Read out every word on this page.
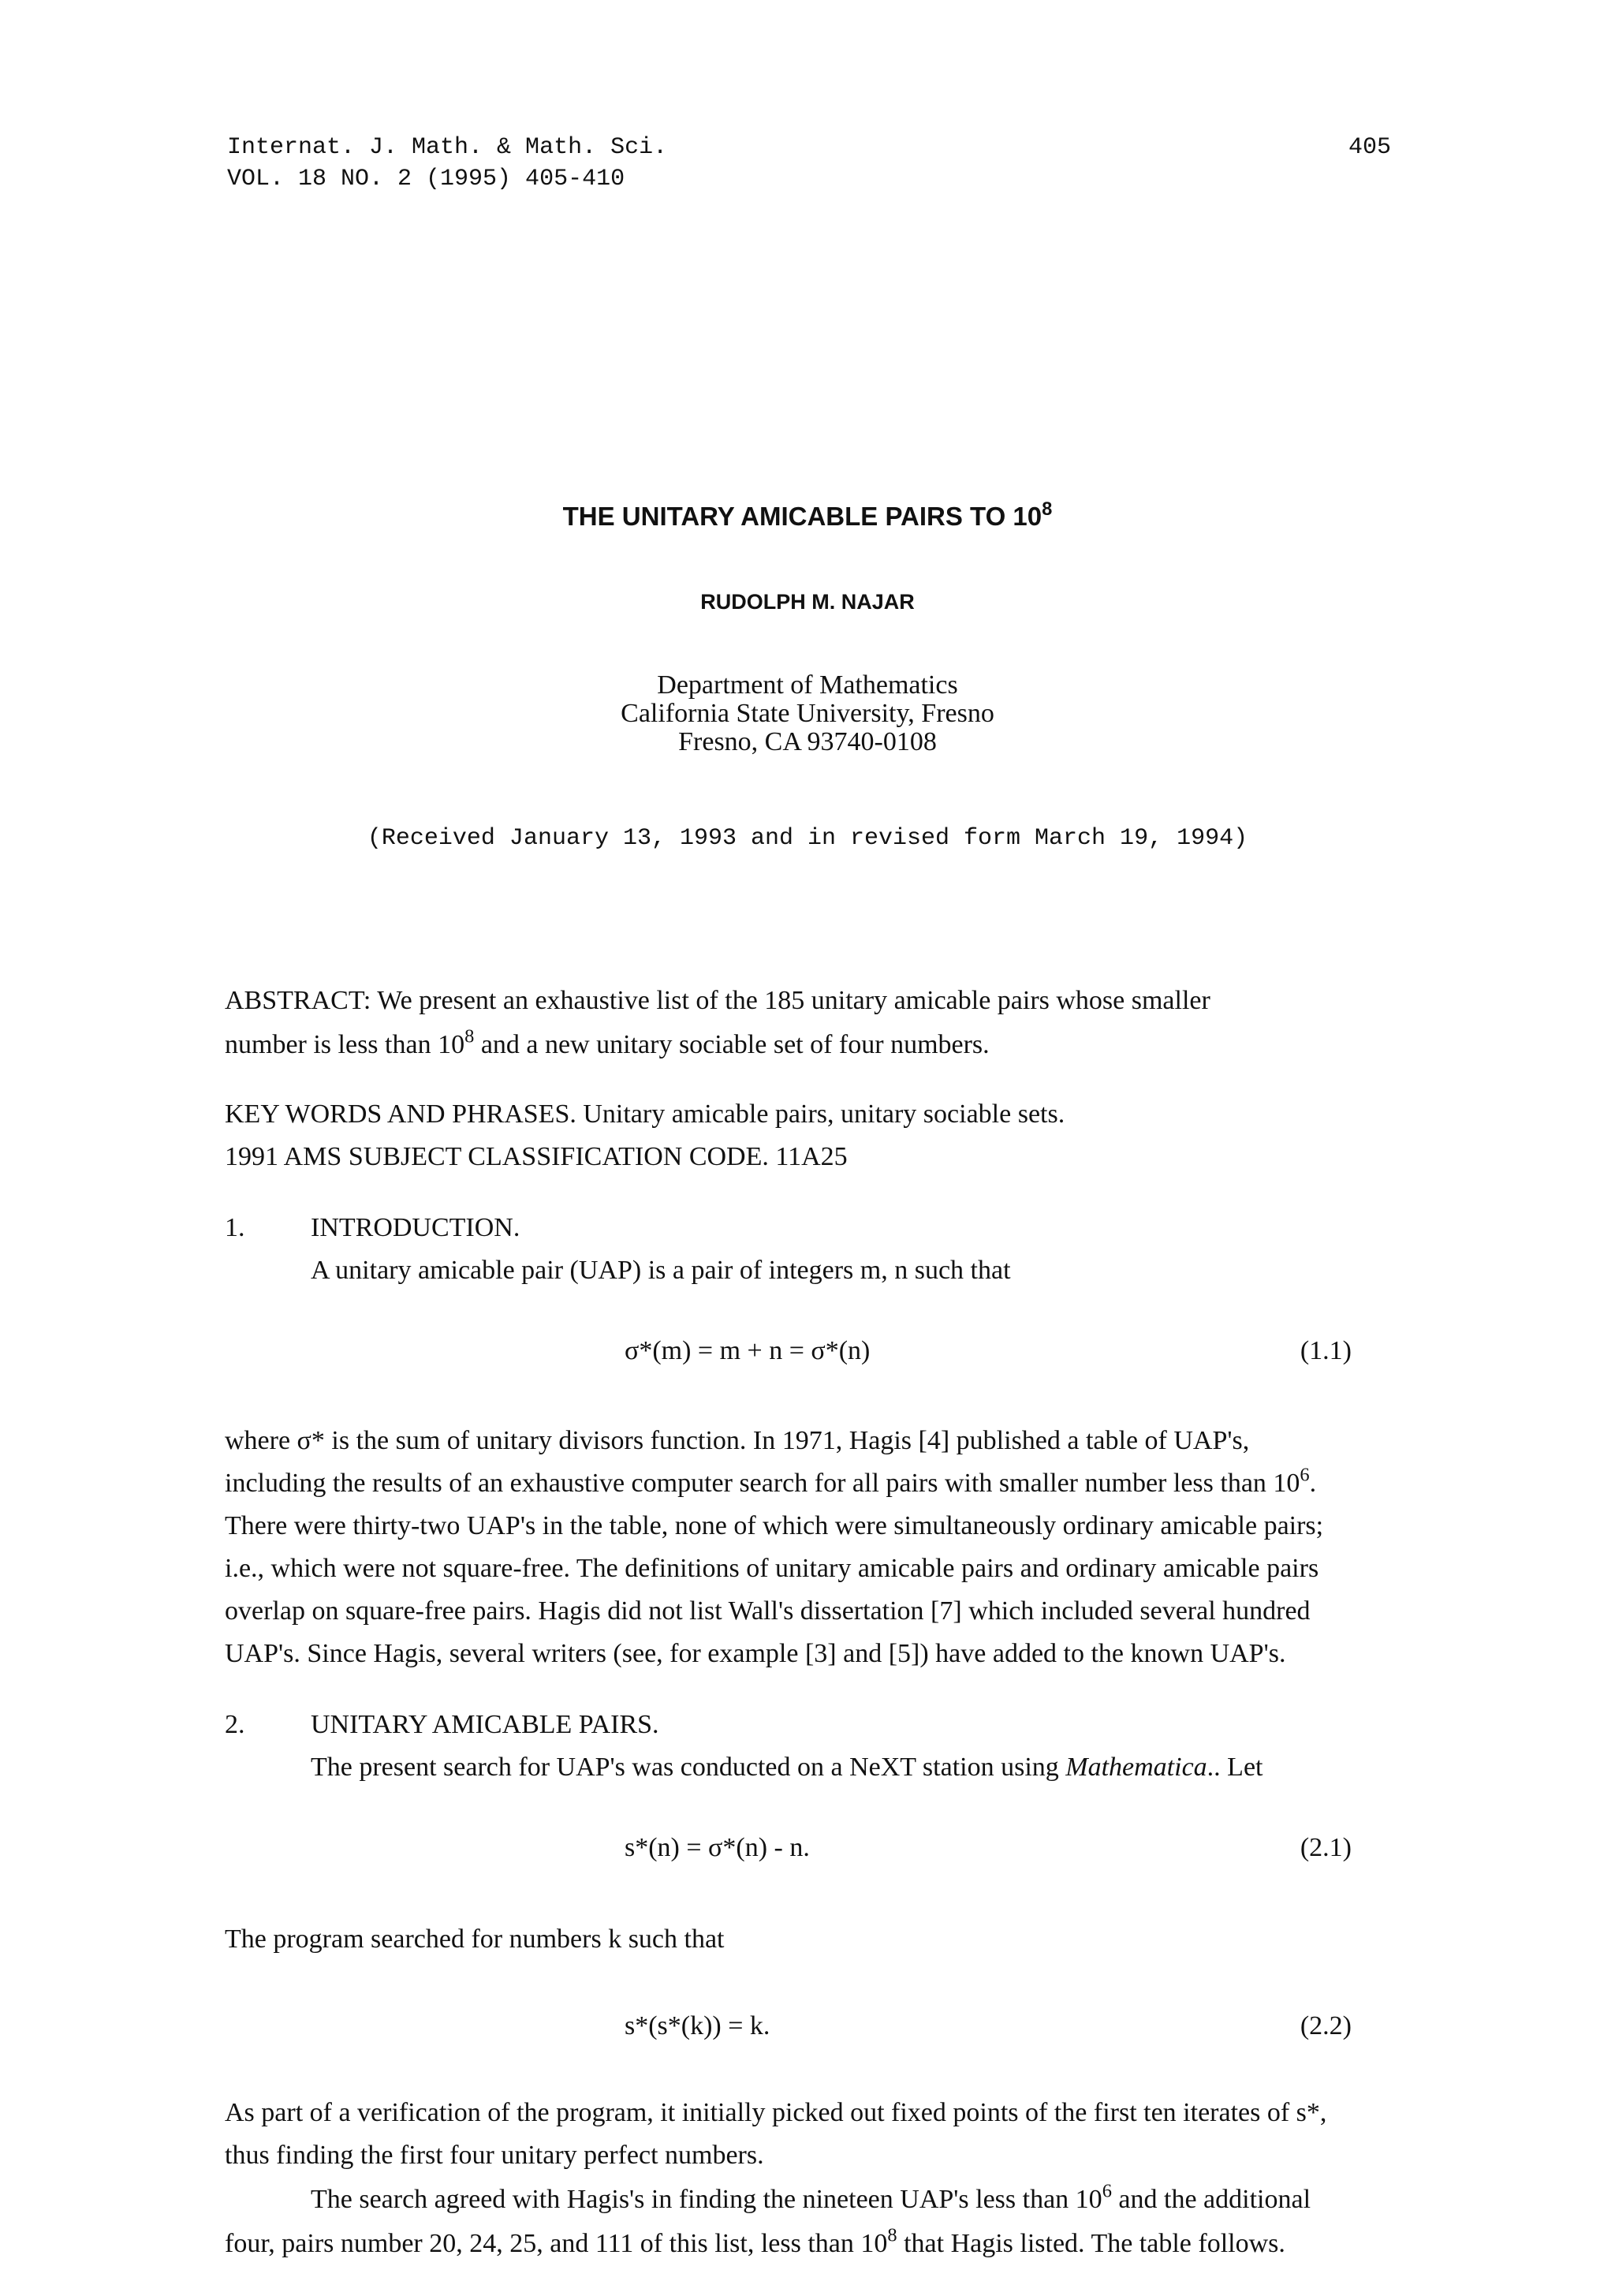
Internat. J. Math. & Math. Sci.
VOL. 18 NO. 2 (1995) 405-410
405
THE UNITARY AMICABLE PAIRS TO $10^8$
RUDOLPH M. NAJAR
Department of Mathematics
California State University, Fresno
Fresno, CA 93740-0108
(Received January 13, 1993 and in revised form March 19, 1994)
ABSTRACT: We present an exhaustive list of the 185 unitary amicable pairs whose smaller
number is less than $10^8$ and a new unitary sociable set of four numbers.
KEY WORDS AND PHRASES. Unitary amicable pairs, unitary sociable sets.
1991 AMS SUBJECT CLASSIFICATION CODE. 11A25
1. INTRODUCTION.
A unitary amicable pair (UAP) is a pair of integers m, n such that
σ*(m) = m + n = σ*(n)	(1.1)
where σ* is the sum of unitary divisors function. In 1971, Hagis [4] published a table of UAP's,
including the results of an exhaustive computer search for all pairs with smaller number less than $10^6$.
There were thirty-two UAP's in the table, none of which were simultaneously ordinary amicable pairs;
i.e., which were not square-free. The definitions of unitary amicable pairs and ordinary amicable pairs
overlap on square-free pairs. Hagis did not list Wall's dissertation [7] which included several hundred
UAP's. Since Hagis, several writers (see, for example [3] and [5]) have added to the known UAP's.
2. UNITARY AMICABLE PAIRS.
The present search for UAP's was conducted on a NeXT station using Mathematica.. Let
s*(n) = σ*(n) - n.	(2.1)
The program searched for numbers k such that
s*(s*(k)) = k.	(2.2)
As part of a verification of the program, it initially picked out fixed points of the first ten iterates of s*,
thus finding the first four unitary perfect numbers.
The search agreed with Hagis's in finding the nineteen UAP's less than $10^6$ and the additional
four, pairs number 20, 24, 25, and 111 of this list, less than $10^8$ that Hagis listed. The table follows.
